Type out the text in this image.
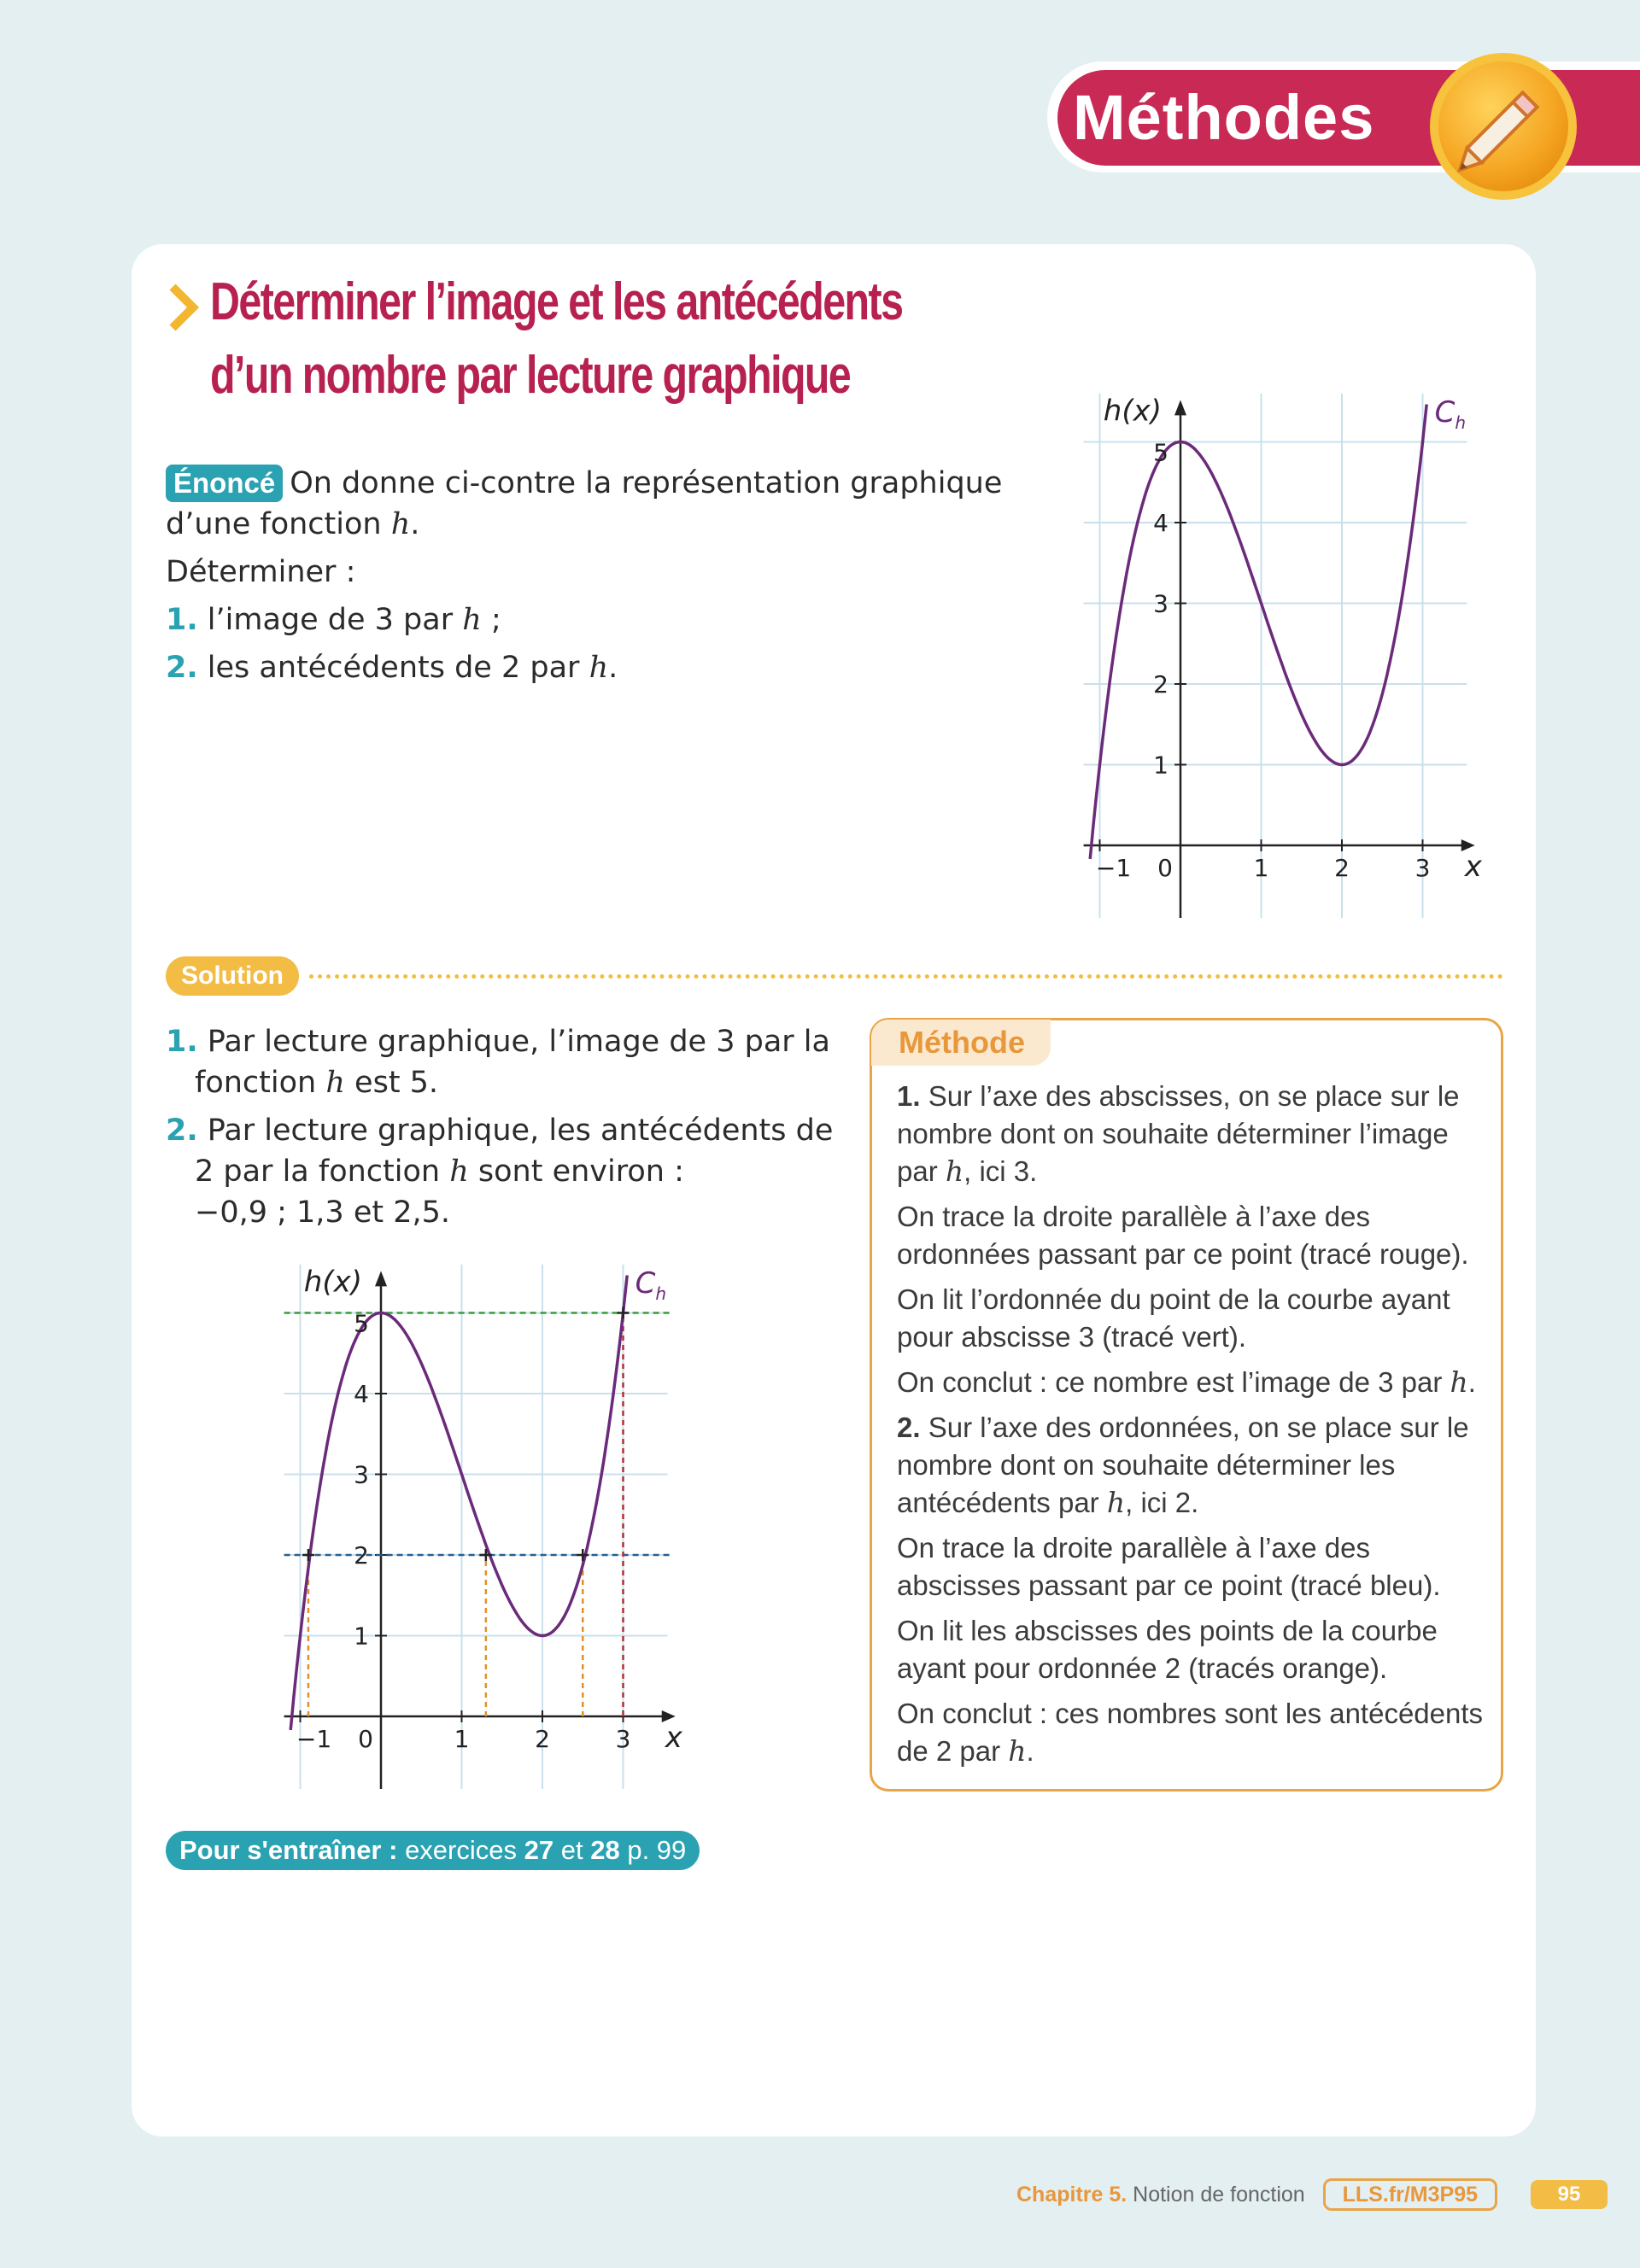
Méthodes
Déterminer l’image et les antécédents
d’un nombre par lecture graphique

Énoncé On donne ci-contre la représentation graphique d’une fonction h.

Déterminer :

1. l’image de 3 par h ;

2. les antécédents de 2 par h.

−1	1	2	3
1
2
3
4
5
0	x
h(x)	$C_h$
Solution

1. Par lecture graphique, l’image de 3 par la fonction h est 5.

2. Par lecture graphique, les antécédents de 2 par la fonction h sont environ :
−0,9 ; 1,3 et 2,5.

−1	1	2	3
1
2
3
4
5
0	x
h(x)	$C_h$
Méthode

1. Sur l’axe des abscisses, on se place sur le nombre dont on souhaite déterminer l’image par h, ici 3.

On trace la droite parallèle à l’axe des ordonnées passant par ce point (tracé rouge).

On lit l’ordonnée du point de la courbe ayant pour abscisse 3 (tracé vert).

On conclut : ce nombre est l’image de 3 par h.

2. Sur l’axe des ordonnées, on se place sur le nombre dont on souhaite déterminer les antécédents par h, ici 2.

On trace la droite parallèle à l’axe des abscisses passant par ce point (tracé bleu).

On lit les abscisses des points de la courbe ayant pour ordonnée 2 (tracés orange).

On conclut : ces nombres sont les antécédents de 2 par h.

Pour s'entraîner : exercices 27 et 28 p. 99
Chapitre 5. Notion de fonction LLS.fr/M3P95	95
